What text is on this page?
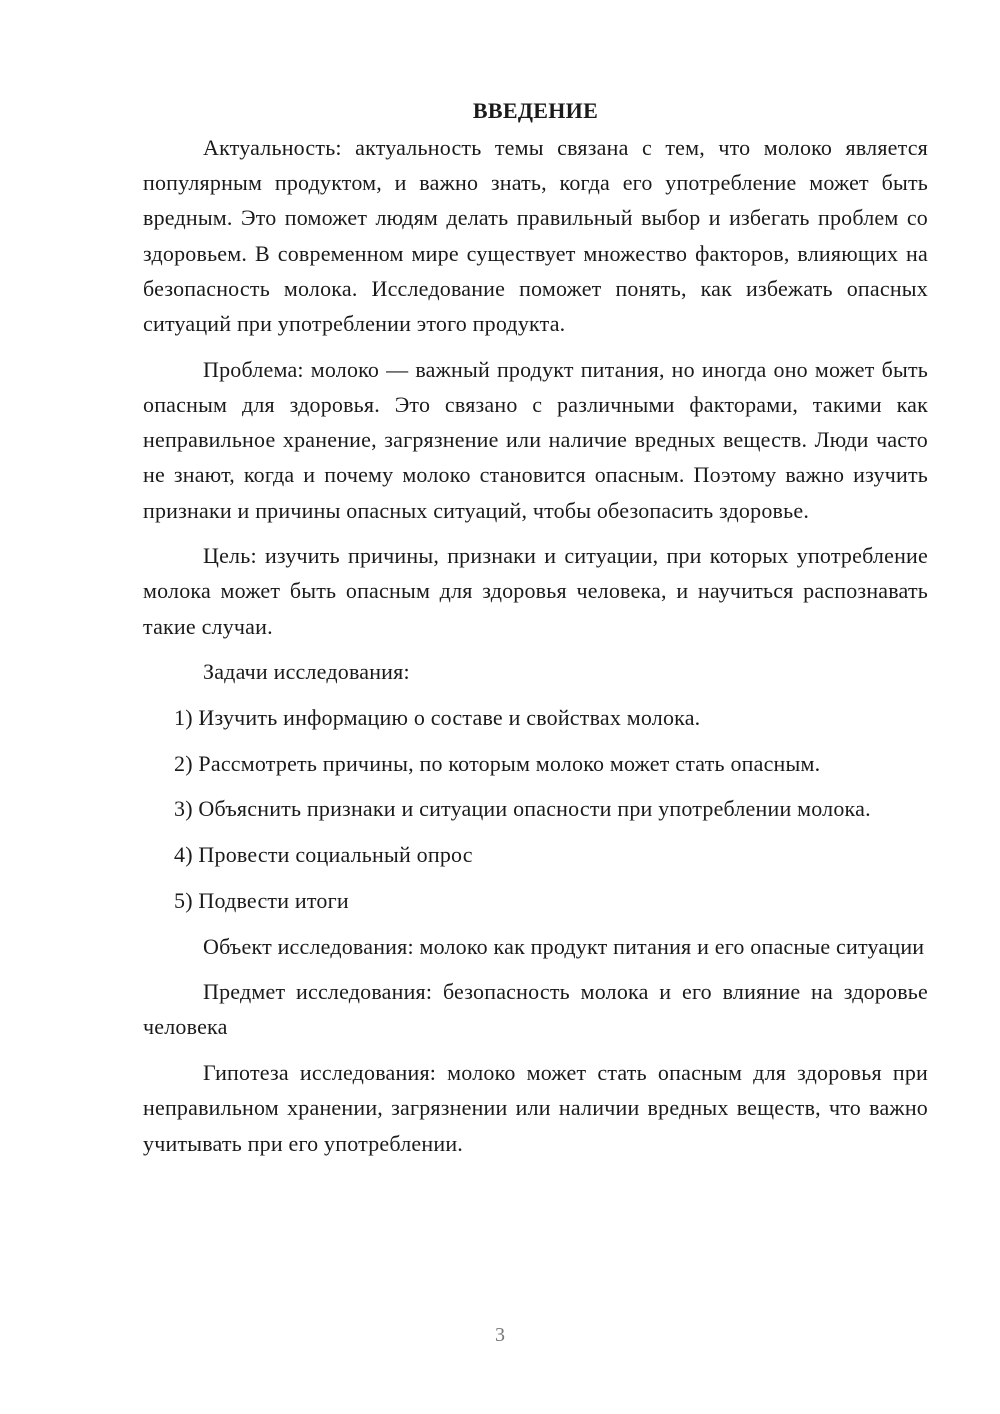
ВВЕДЕНИЕ

Актуальность: актуальность темы связана с тем, что молоко является популярным продуктом, и важно знать, когда его употребление может быть вредным. Это поможет людям делать правильный выбор и избегать проблем со здоровьем. В современном мире существует множество факторов, влияющих на безопасность молока. Исследование поможет понять, как избежать опасных ситуаций при употреблении этого продукта.

Проблема: молоко — важный продукт питания, но иногда оно может быть опасным для здоровья. Это связано с различными факторами, такими как неправильное хранение, загрязнение или наличие вредных веществ. Люди часто не знают, когда и почему молоко становится опасным. Поэтому важно изучить признаки и причины опасных ситуаций, чтобы обезопасить здоровье.

Цель: изучить причины, признаки и ситуации, при которых употребление молока может быть опасным для здоровья человека, и научиться распознавать такие случаи.

Задачи исследования:

1) Изучить информацию о составе и свойствах молока.

2) Рассмотреть причины, по которым молоко может стать опасным.

3) Объяснить признаки и ситуации опасности при употреблении молока.

4) Провести социальный опрос

5) Подвести итоги

Объект исследования: молоко как продукт питания и его опасные ситуации

Предмет исследования: безопасность молока и его влияние на здоровье человека

Гипотеза исследования: молоко может стать опасным для здоровья при неправильном хранении, загрязнении или наличии вредных веществ, что важно учитывать при его употреблении.

3
